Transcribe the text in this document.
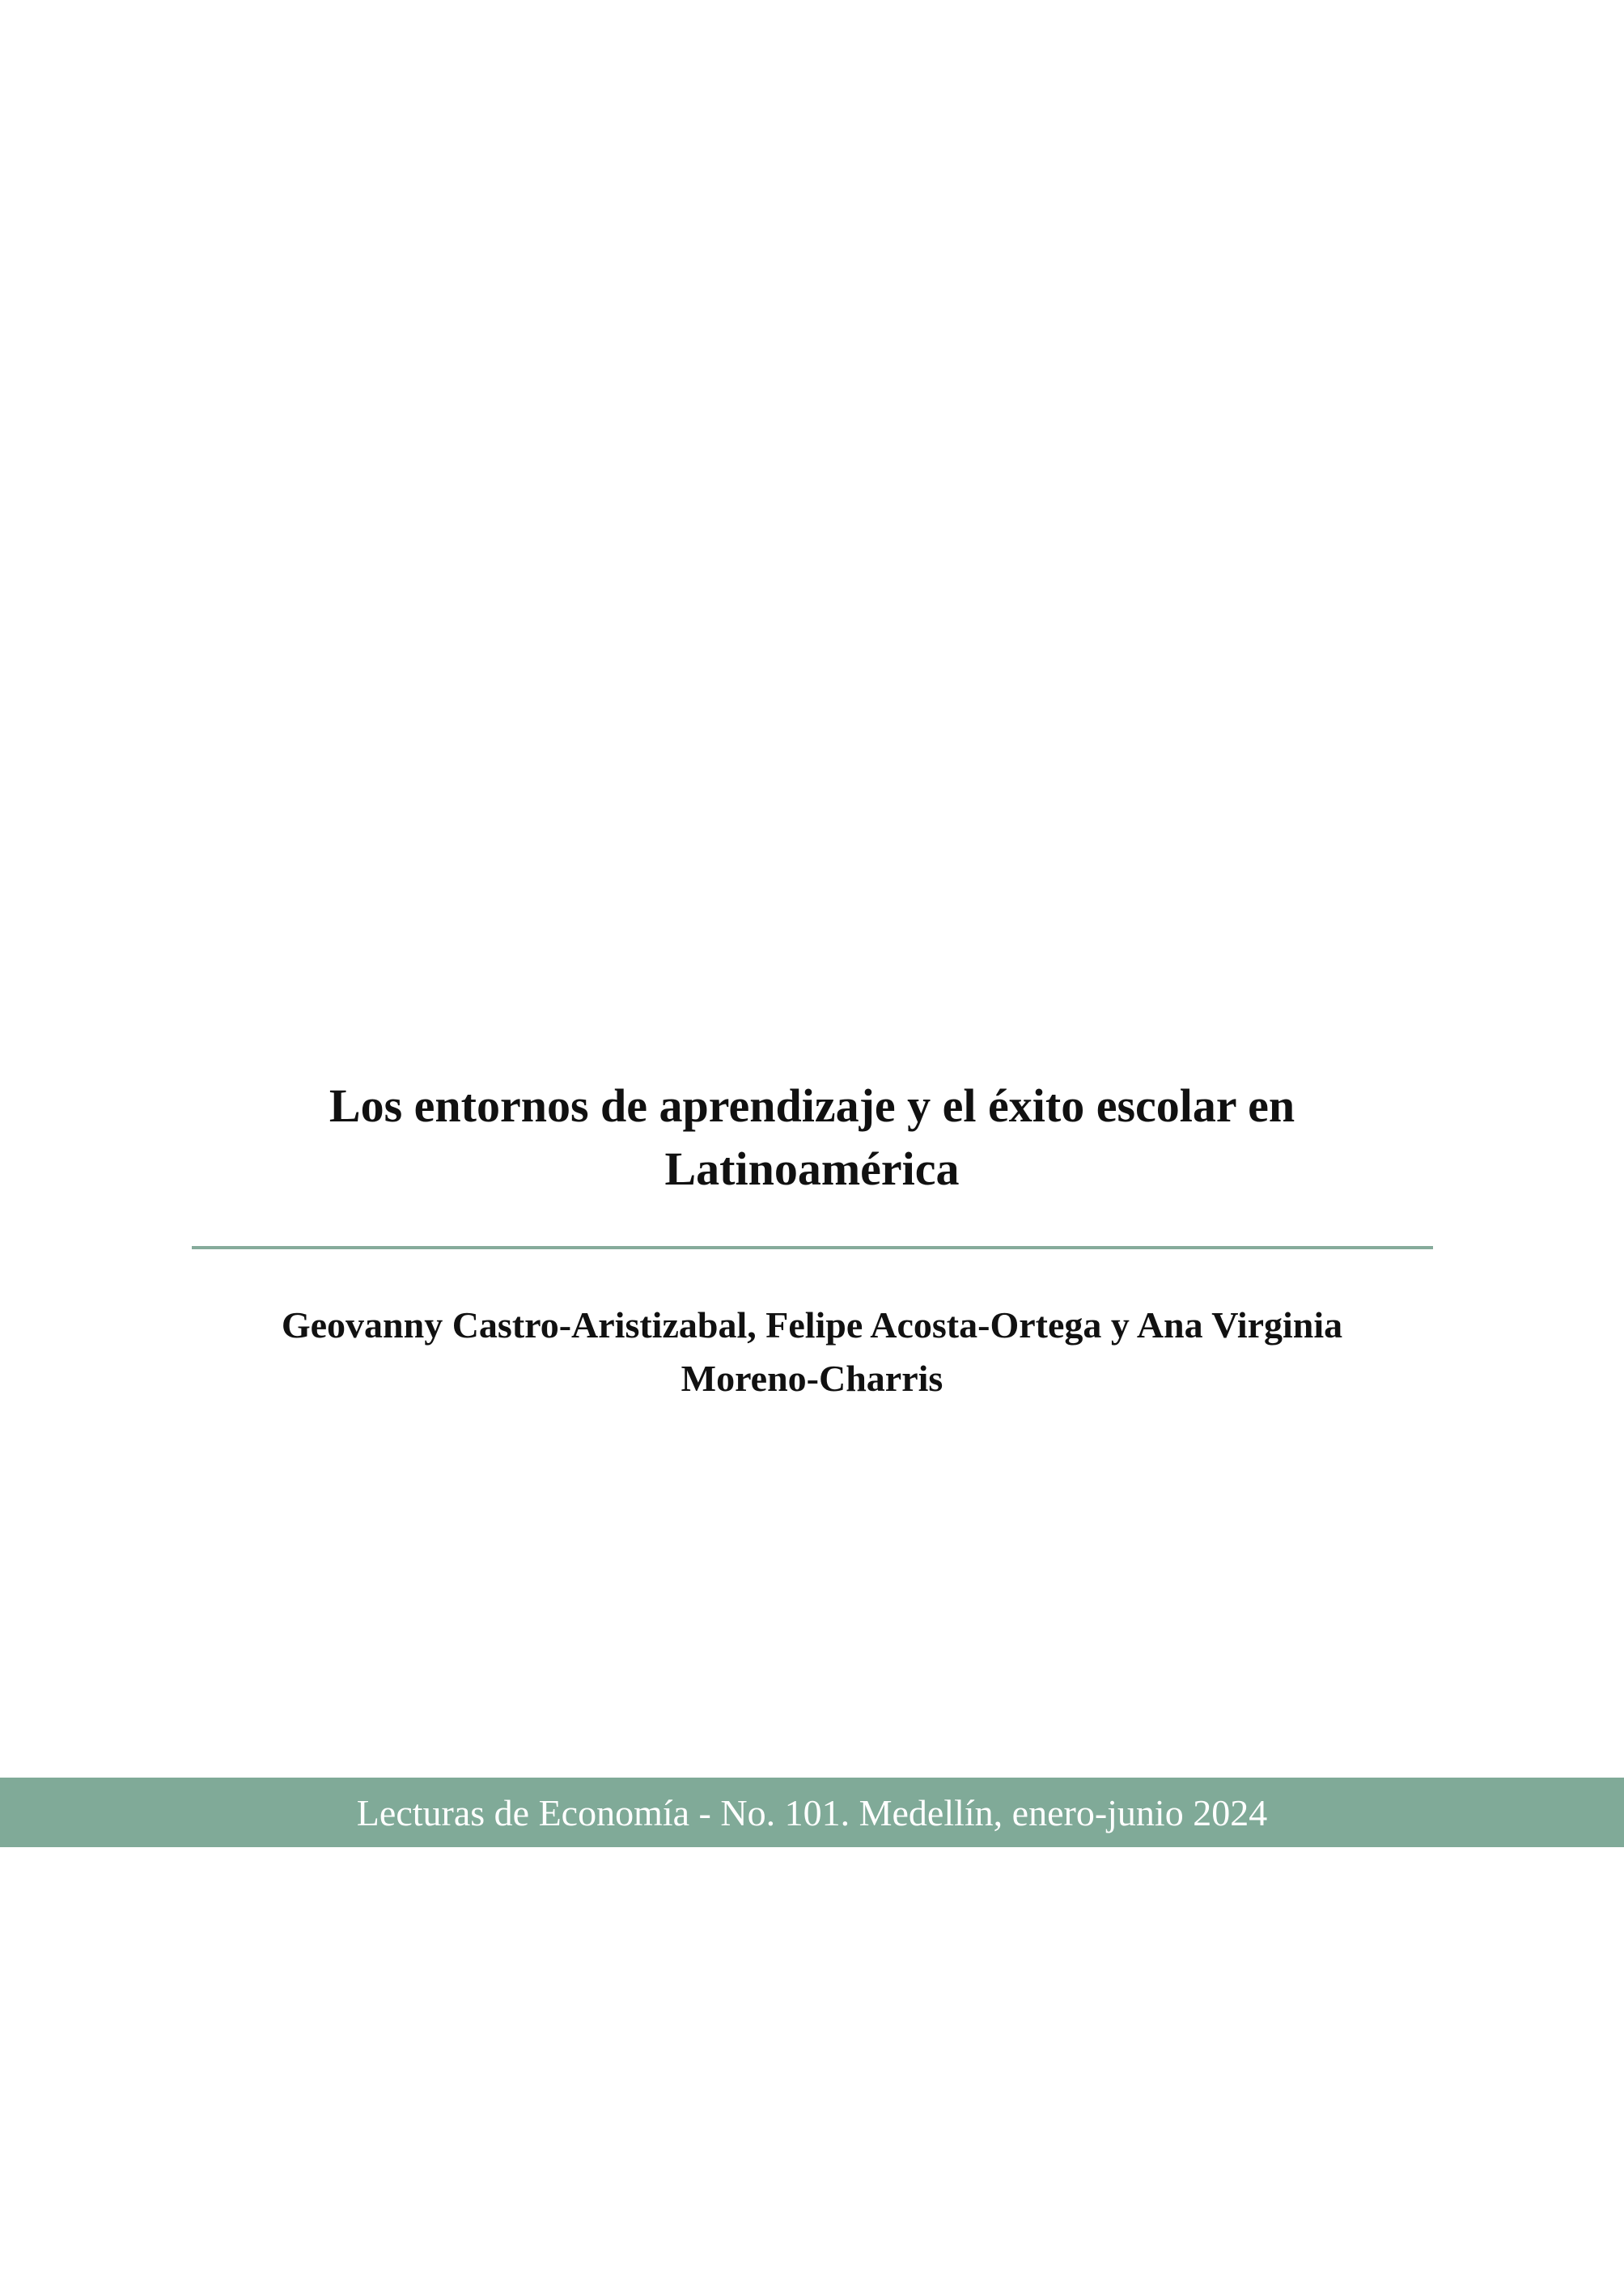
Los entornos de aprendizaje y el éxito escolar en
Latinoamérica
Geovanny Castro-Aristizabal, Felipe Acosta-Ortega y Ana Virginia
Moreno-Charris
Lecturas de Economía - No. 101. Medellín, enero-junio 2024
